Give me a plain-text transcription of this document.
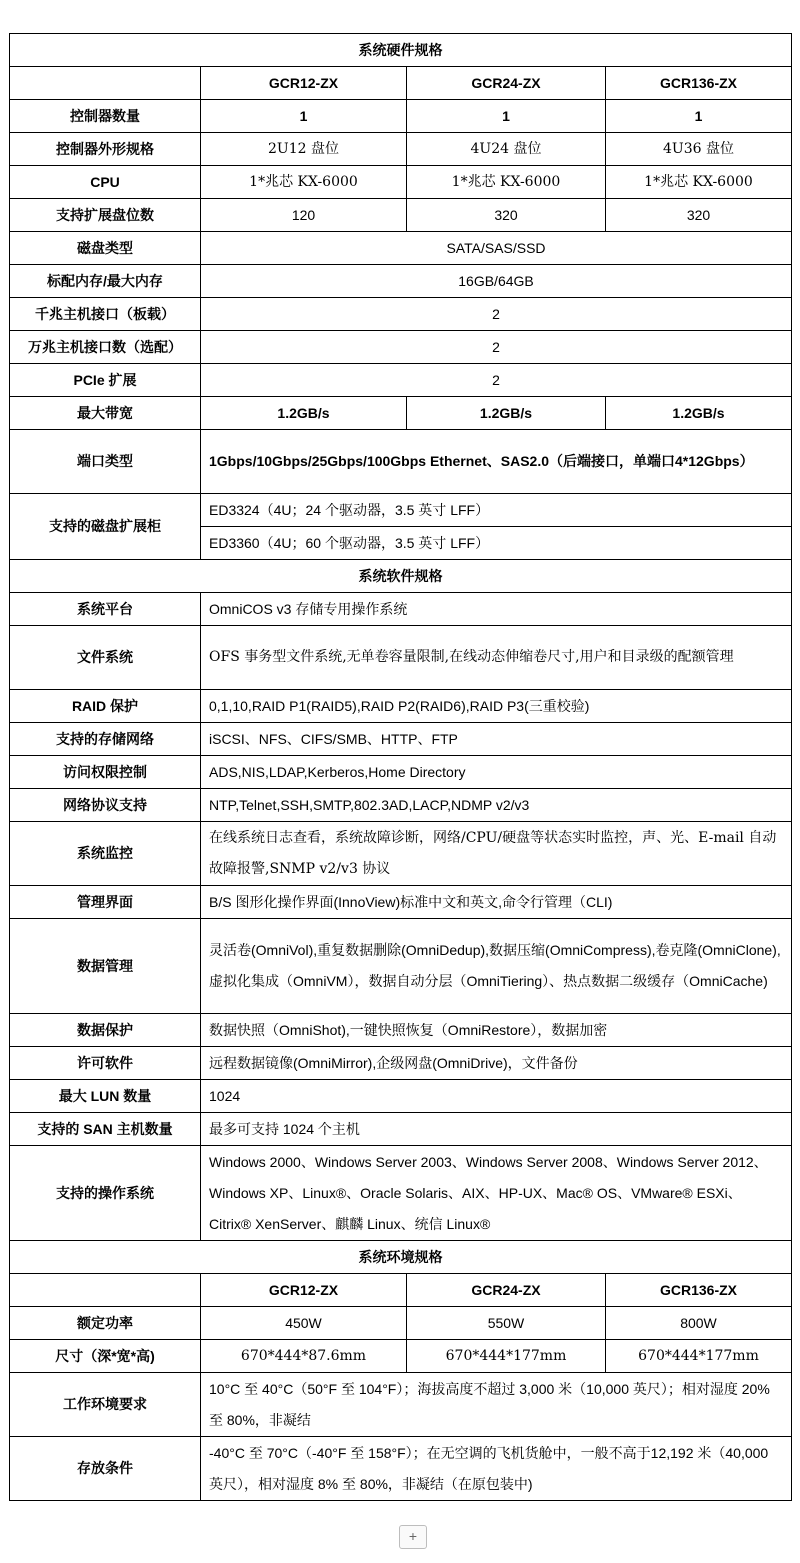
系统硬件规格			
	GCR12-ZX	GCR24-ZX	GCR136-ZX
控制器数量	1	1	1
控制器外形规格	2U12 盘位	4U24 盘位	4U36 盘位
CPU	1*兆芯 KX-6000	1*兆芯 KX-6000	1*兆芯 KX-6000
支持扩展盘位数	120	320	320
磁盘类型	SATA/SAS/SSD		
标配内存/最大内存	16GB/64GB		
千兆主机接口（板载）	2		
万兆主机接口数（选配）	2		
PCIe 扩展	2		
最大带宽	1.2GB/s	1.2GB/s	1.2GB/s
端口类型	1Gbps/10Gbps/25Gbps/100Gbps Ethernet、SAS2.0（后端接口，单端口4*12Gbps）		
支持的磁盘扩展柜	ED3324（4U；24 个驱动器，3.5 英寸 LFF）		
	ED3360（4U；60 个驱动器，3.5 英寸 LFF）		
系统软件规格			
系统平台	OmniCOS v3 存储专用操作系统		
文件系统	OFS 事务型文件系统,无单卷容量限制,在线动态伸缩卷尺寸,用户和目录级的配额管理		
RAID 保护	0,1,10,RAID P1(RAID5),RAID P2(RAID6),RAID P3(三重校验)		
支持的存储网络	iSCSI、NFS、CIFS/SMB、HTTP、FTP		
访问权限控制	ADS,NIS,LDAP,Kerberos,Home Directory		
网络协议支持	NTP,Telnet,SSH,SMTP,802.3AD,LACP,NDMP v2/v3		
系统监控	在线系统日志查看，系统故障诊断，网络/CPU/硬盘等状态实时监控，声、光、E-mail 自动故障报警,SNMP v2/v3 协议		
管理界面	B/S 图形化操作界面(InnoView)标准中文和英文,命令行管理（CLI)		
数据管理	灵活卷(OmniVol),重复数据删除(OmniDedup),数据压缩(OmniCompress),卷克隆(OmniClone),虚拟化集成（OmniVM），数据自动分层（OmniTiering）、热点数据二级缓存（OmniCache)		
数据保护	数据快照（OmniShot),一键快照恢复（OmniRestore），数据加密		
许可软件	远程数据镜像(OmniMirror),企级网盘(OmniDrive)，文件备份		
最大 LUN 数量	1024		
支持的 SAN 主机数量	最多可支持 1024 个主机		
支持的操作系统	Windows 2000、Windows Server 2003、Windows Server 2008、Windows Server 2012、Windows XP、Linux®、Oracle Solaris、AIX、HP-UX、Mac® OS、VMware® ESXi、Citrix® XenServer、麒麟 Linux、统信 Linux®		
系统环境规格			
	GCR12-ZX	GCR24-ZX	GCR136-ZX
额定功率	450W	550W	800W
尺寸（深*宽*高)	670*444*87.6mm	670*444*177mm	670*444*177mm
工作环境要求	10°C 至 40°C（50°F 至 104°F）；海拔高度不超过 3,000 米（10,000 英尺）；相对湿度 20% 至 80%，非凝结		
存放条件	-40°C 至 70°C（-40°F 至 158°F）；在无空调的飞机货舱中，一般不高于12,192 米（40,000 英尺），相对湿度 8% 至 80%，非凝结（在原包装中)		
+
